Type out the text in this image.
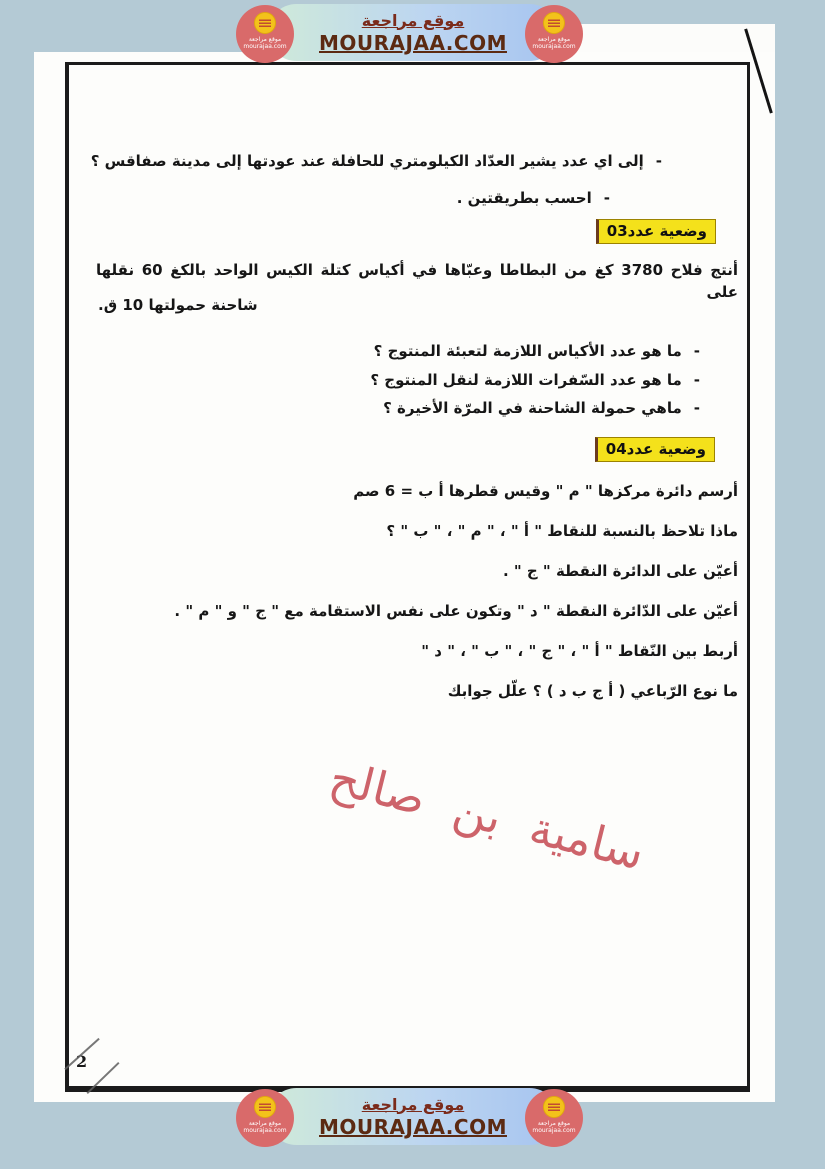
-إلى اي عدد يشير العدّاد الكيلومتري للحافلة عند عودتها إلى مدينة صفاقس ؟
-احسب بطريقتين .
وضعية عدد03
أنتج فلاح 3780 كغ من البطاطا وعبّاها في أكياس كتلة الكيس الواحد بالكغ 60 نقلها على
شاحنة حمولتها 10 ق.
-ما هو عدد الأكياس اللازمة لتعبئة المنتوج ؟
-ما هو عدد السّفرات اللازمة لنقل المنتوج ؟
-ماهي حمولة الشاحنة في المرّة الأخيرة ؟
وضعية عدد04
أرسم دائرة مركزها " م " وقيس قطرها أ ب = 6 صم
ماذا تلاحظ بالنسبة للنقاط " أ " ، " م " ، " ب " ؟
أعيّن على الدائرة النقطة " ج " .
أعيّن على الدّائرة النقطة " د " وتكون على نفس الاستقامة مع " ج " و " م " .
أربط بين النّقاط " أ " ، " ج " ، " ب " ، " د "
ما نوع الرّباعي ( أ ج ب د ) ؟ علّل جوابك
سامية بن صالح
2
موقع مراجعة
MOURAJAA.COM
موقع مراجعة
mourajaa.com
موقع مراجعة
mourajaa.com
موقع مراجعة
MOURAJAA.COM
موقع مراجعة
mourajaa.com
موقع مراجعة
mourajaa.com
